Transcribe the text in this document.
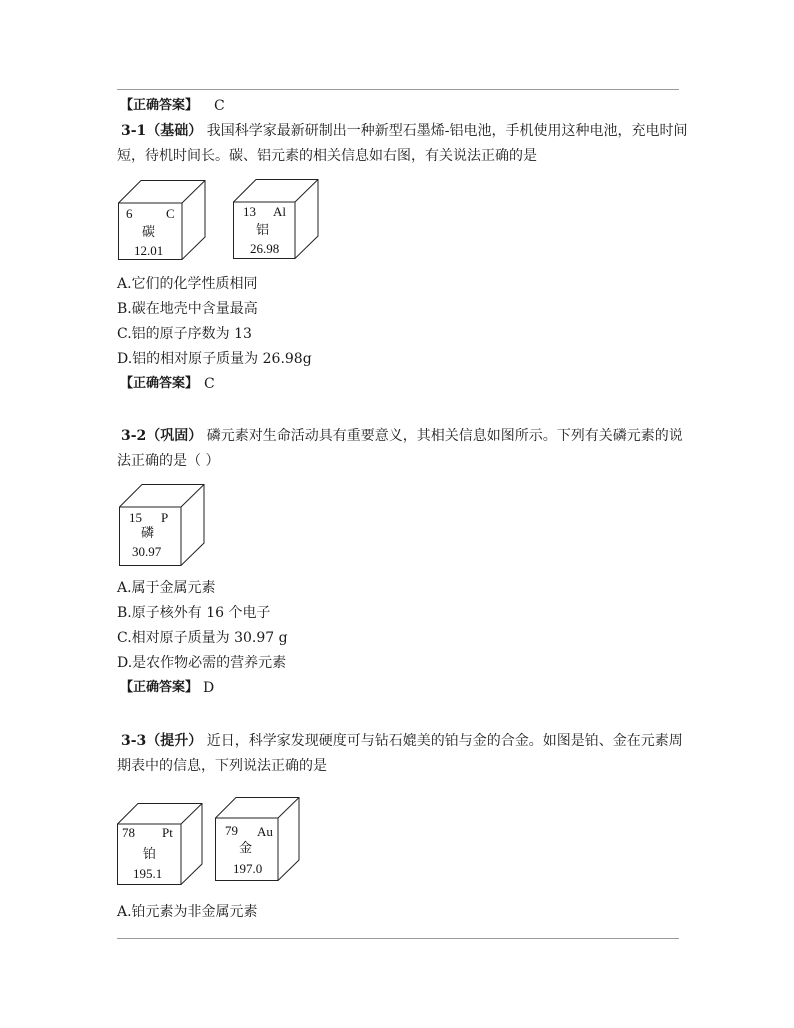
【正确答案】 C
3-1（基础） 我国科学家最新研制出一种新型石墨烯-铝电池，手机使用这种电池，充电时间
短，待机时间长。碳、铝元素的相关信息如右图，有关说法正确的是
6	C
碳
12.01
13 Al
铝
26.98
A.它们的化学性质相同
B.碳在地壳中含量最高
C.铝的原子序数为 13
D.铝的相对原子质量为 26.98g
【正确答案】 C
3-2（巩固） 磷元素对生命活动具有重要意义，其相关信息如图所示。下列有关磷元素的说
法正确的是（ ）
15 P
磷
30.97
A.属于金属元素
B.原子核外有 16 个电子
C.相对原子质量为 30.97 g
D.是农作物必需的营养元素
【正确答案】 D
3-3（提升） 近日，科学家发现硬度可与钻石媲美的铂与金的合金。如图是铂、金在元素周
期表中的信息，下列说法正确的是
78 Pt
铂
195.1
79 Au
金
197.0
A.铂元素为非金属元素
